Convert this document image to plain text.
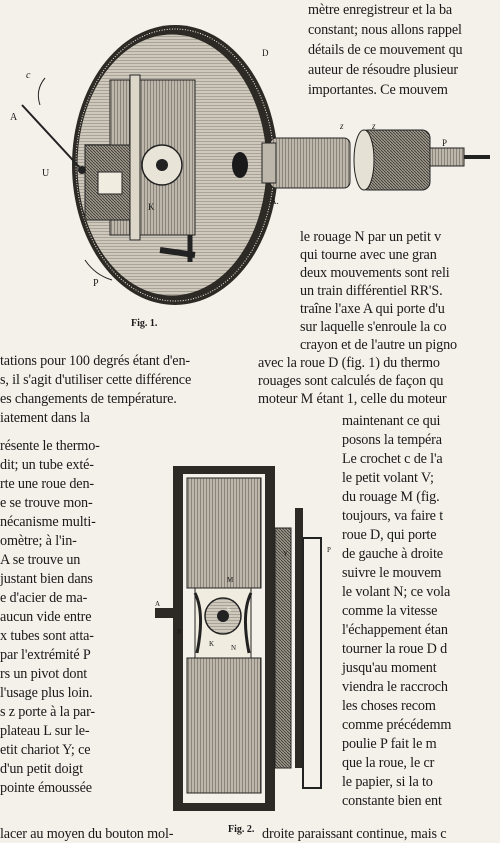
c
A
U
P
D
K
z	z
P
A.
Fig. 1.
M
S
Y	P
A
R
N
K
Fig. 2.
mètre enregistreur et la ba
constant; nous allons rappel
détails de ce mouvement qu
auteur de résoudre plusieur
importantes. Ce mouvem
le rouage N par un petit v
qui tourne avec une gran
deux mouvements sont reli
un train différentiel RR'S.
traîne l'axe A qui porte d'u
sur laquelle s'enroule la co
crayon et de l'autre un pigno
tations pour 100 degrés étant d'en-
s, il s'agit d'utiliser cette différence
es changements de température.
iatement dans la
avec la roue D (fig. 1) du thermo
rouages sont calculés de façon qu
moteur M étant 1, celle du moteur
résente le thermo-
dit; un tube exté-
rte une roue den-
e se trouve mon-
nécanisme multi-
omètre; à l'in-
A se trouve un
justant bien dans
e d'acier de ma-
aucun vide entre
x tubes sont atta-
par l'extrémité P
rs un pivot dont
l'usage plus loin.
s z porte à la par-
plateau L sur le-
etit chariot Y; ce
d'un petit doigt
pointe émoussée
lacer au moyen du bouton mol-
maintenant ce qui
posons la tempéra
Le crochet c de l'a
le petit volant V;
du rouage M (fig.
toujours, va faire t
roue D, qui porte
de gauche à droite
suivre le mouvem
le volant N; ce vola
comme la vitesse
l'échappement étan
tourner la roue D d
jusqu'au moment
viendra le raccroch
les choses recom
comme précédemm
poulie P fait le m
que la roue, le cr
le papier, si la to
constante bien ent
droite paraissant continue, mais c
